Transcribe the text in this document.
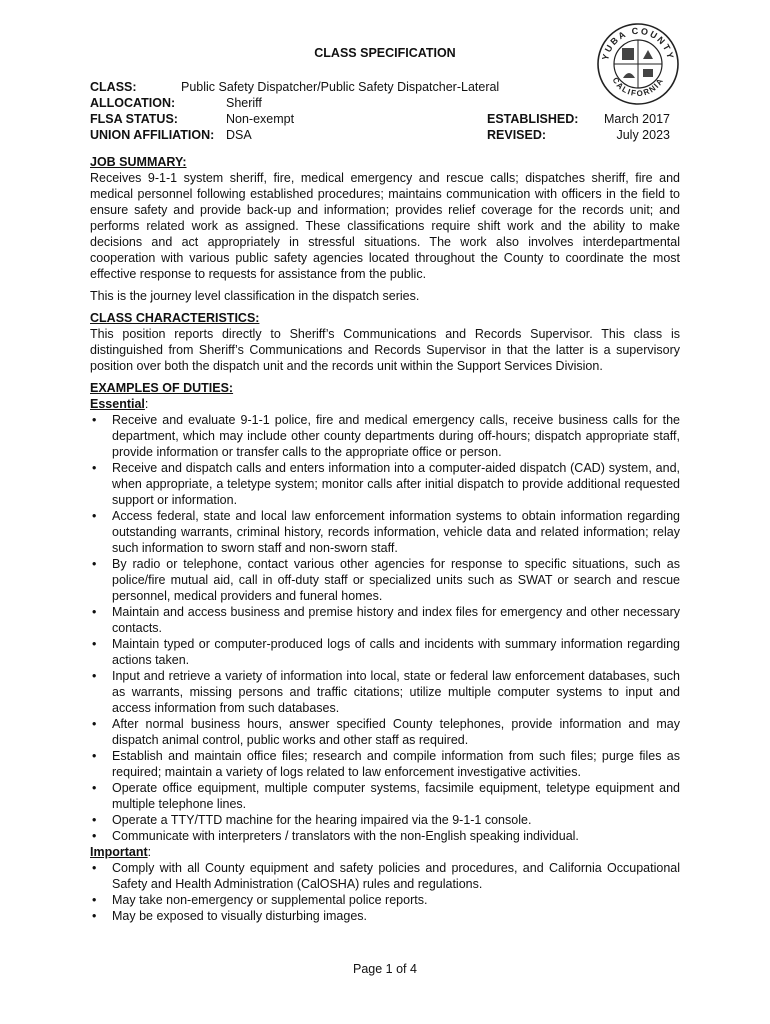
CLASS SPECIFICATION	YUBA COUNTY
CALIFORNIA
CLASS:	Public Safety Dispatcher/Public Safety Dispatcher-Lateral
ALLOCATION:	Sheriff
FLSA STATUS:	Non-exempt
UNION AFFILIATION: DSA
ESTABLISHED:	March 2017
REVISED:	July 2023
JOB SUMMARY:

Receives 9-1-1 system sheriff, fire, medical emergency and rescue calls; dispatches sheriff, fire and medical personnel following established procedures; maintains communication with officers in the field to ensure safety and provide back-up and information; provides relief coverage for the records unit; and performs related work as assigned. These classifications require shift work and the ability to make decisions and act appropriately in stressful situations. The work also involves interdepartmental cooperation with various public safety agencies located throughout the County to coordinate the most effective response to requests for assistance from the public.

This is the journey level classification in the dispatch series.

CLASS CHARACTERISTICS:

This position reports directly to Sheriff’s Communications and Records Supervisor. This class is distinguished from Sheriff’s Communications and Records Supervisor in that the latter is a supervisory position over both the dispatch unit and the records unit within the Support Services Division.

EXAMPLES OF DUTIES:
Essential:
• Receive and evaluate 9-1-1 police, fire and medical emergency calls, receive business calls for the department, which may include other county departments during off-hours; dispatch appropriate staff, provide information or transfer calls to the appropriate office or person.
• Receive and dispatch calls and enters information into a computer-aided dispatch (CAD) system, and, when appropriate, a teletype system; monitor calls after initial dispatch to provide additional requested support or information.
• Access federal, state and local law enforcement information systems to obtain information regarding outstanding warrants, criminal history, records information, vehicle data and related information; relay such information to sworn staff and non-sworn staff.
• By radio or telephone, contact various other agencies for response to specific situations, such as police/fire mutual aid, call in off-duty staff or specialized units such as SWAT or search and rescue personnel, medical providers and funeral homes.
• Maintain and access business and premise history and index files for emergency and other necessary contacts.
• Maintain typed or computer-produced logs of calls and incidents with summary information regarding actions taken.
• Input and retrieve a variety of information into local, state or federal law enforcement databases, such as warrants, missing persons and traffic citations; utilize multiple computer systems to input and access information from such databases.
• After normal business hours, answer specified County telephones, provide information and may dispatch animal control, public works and other staff as required.
• Establish and maintain office files; research and compile information from such files; purge files as required; maintain a variety of logs related to law enforcement investigative activities.
• Operate office equipment, multiple computer systems, facsimile equipment, teletype equipment and multiple telephone lines.
• Operate a TTY/TTD machine for the hearing impaired via the 9-1-1 console.
• Communicate with interpreters / translators with the non-English speaking individual.
Important:
• Comply with all County equipment and safety policies and procedures, and California Occupational Safety and Health Administration (CalOSHA) rules and regulations.
• May take non-emergency or supplemental police reports.
• May be exposed to visually disturbing images.
Page 1 of 4
